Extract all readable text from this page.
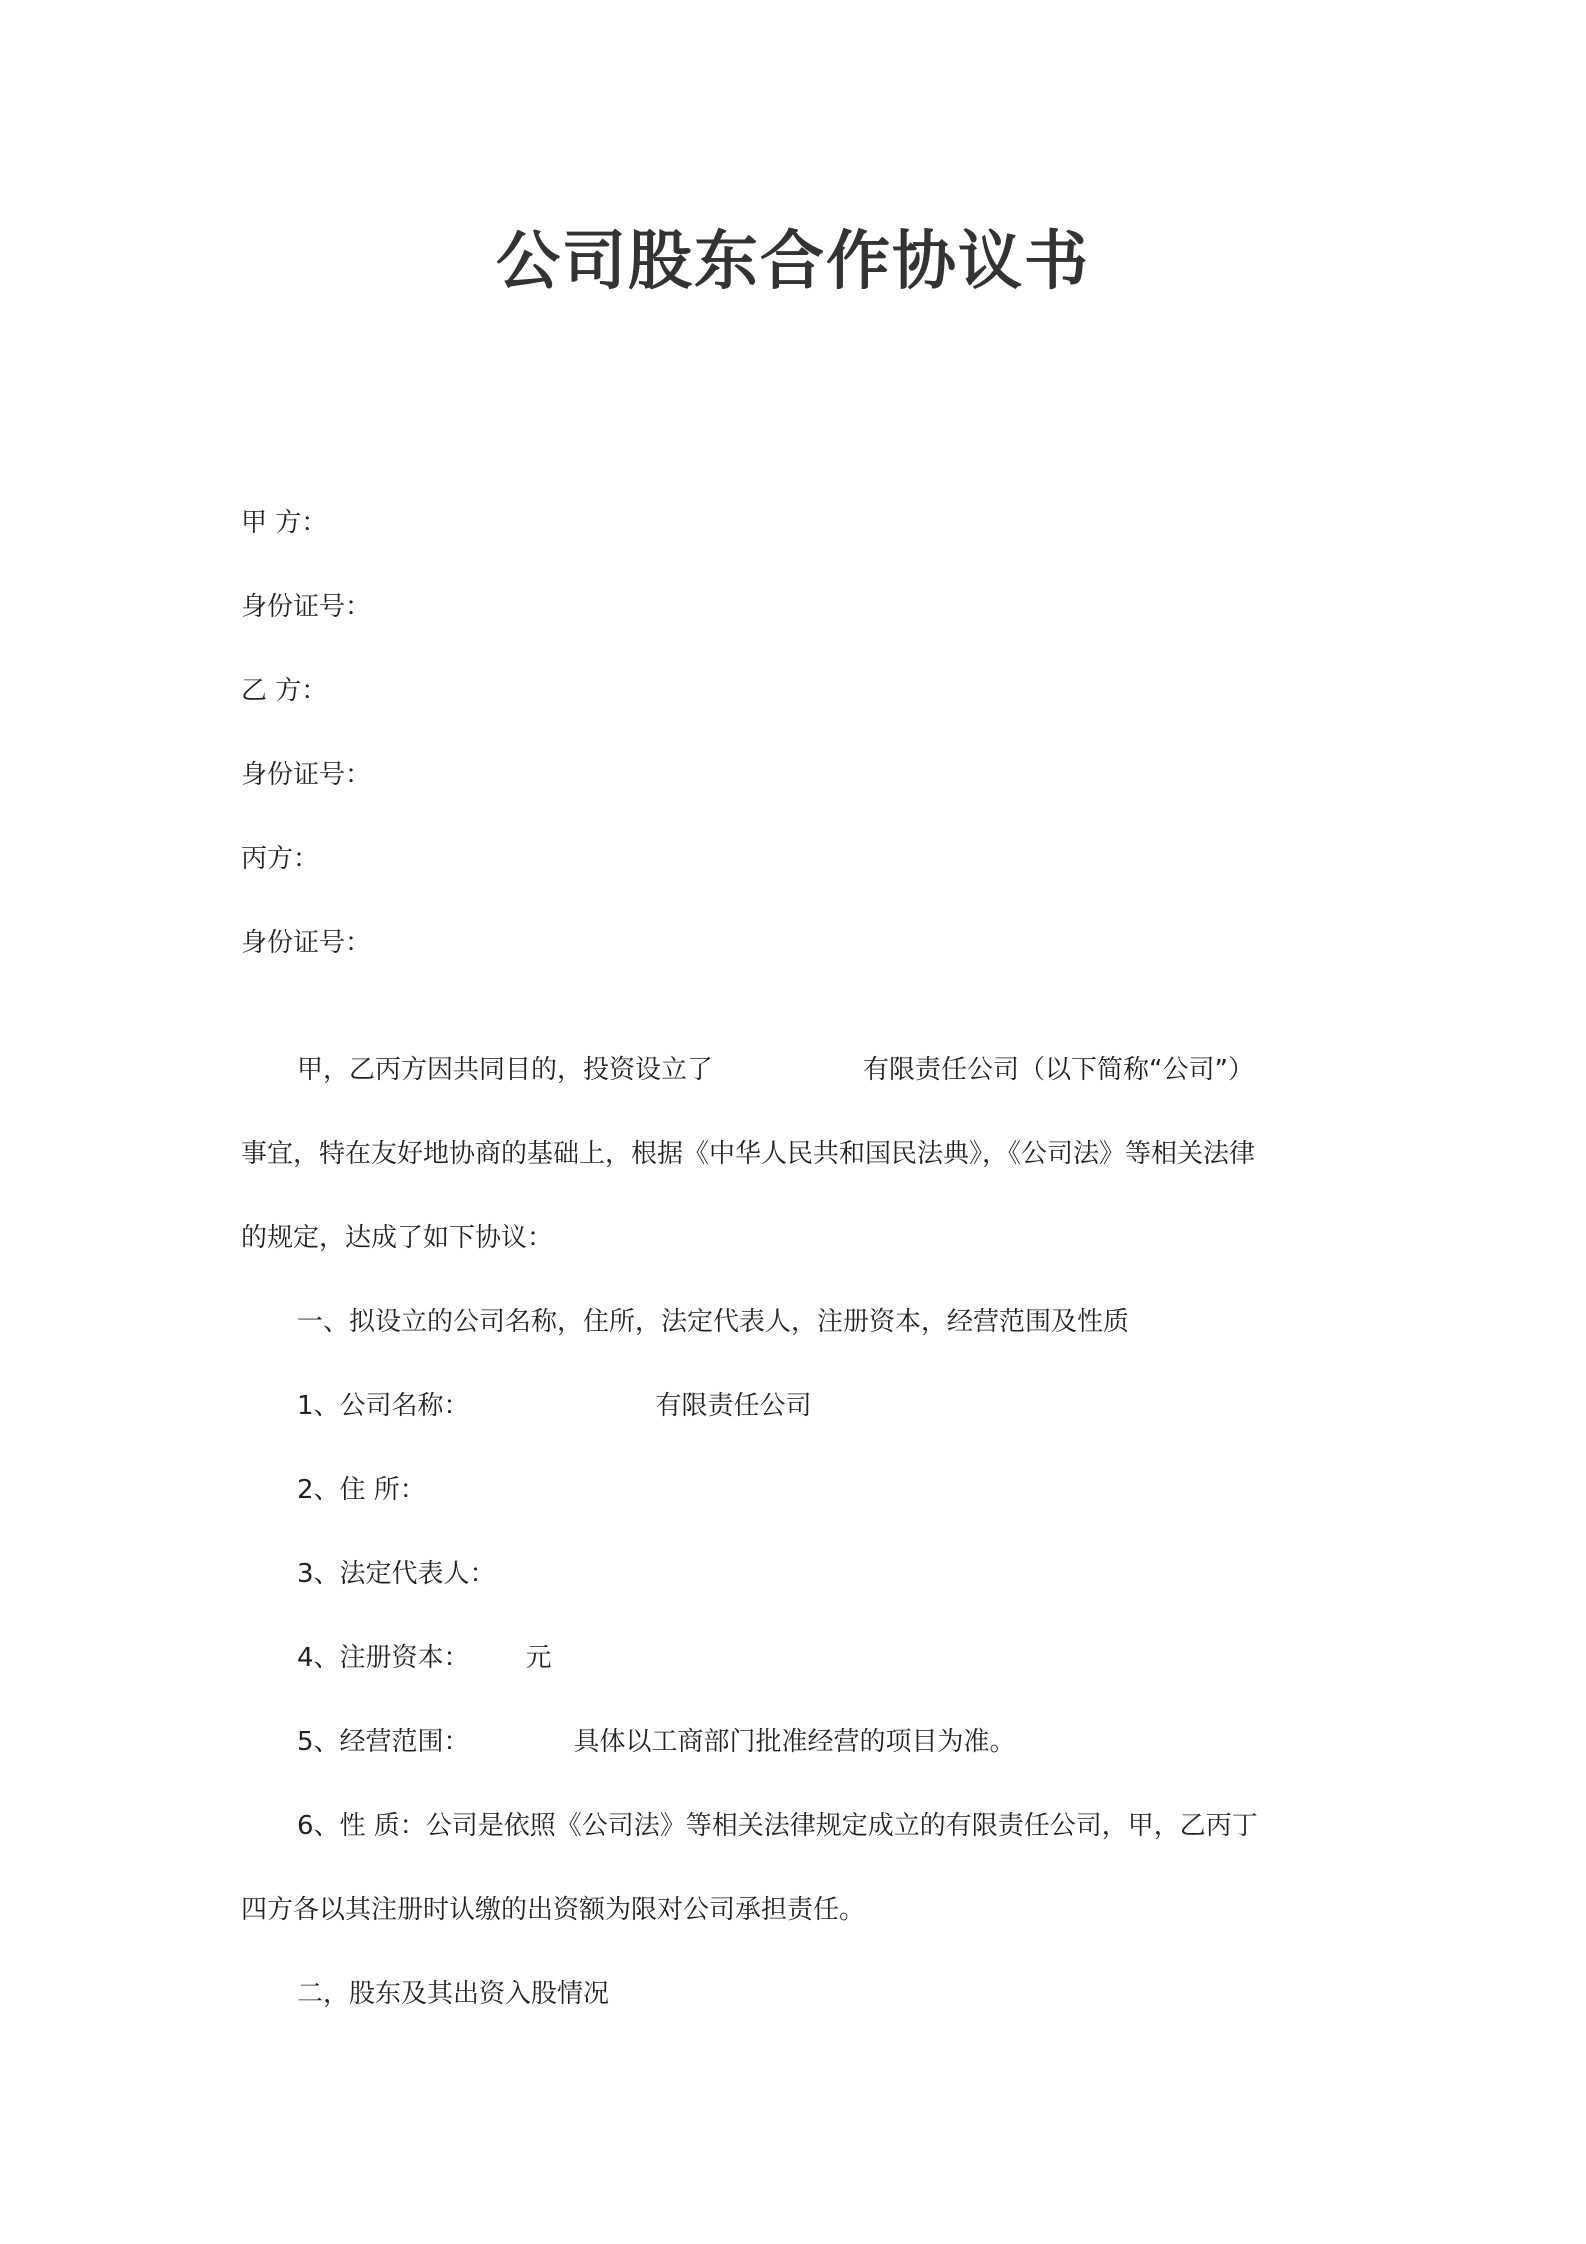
公司股东合作协议书
甲 方：
身份证号：
乙 方：
身份证号：
丙方：
身份证号：
甲，乙丙方因共同目的，投资设立了	有限责任公司（以下简称“公司”）
事宜，特在友好地协商的基础上，根据《中华人民共和国民法典》，《公司法》等相关法律
的规定，达成了如下协议：
一、拟设立的公司名称，住所，法定代表人，注册资本，经营范围及性质
1、公司名称：	有限责任公司
2、住 所：
3、法定代表人：
4、注册资本： 元
5、经营范围：	具体以工商部门批准经营的项目为准。
6、性 质：公司是依照《公司法》等相关法律规定成立的有限责任公司，甲，乙丙丁
四方各以其注册时认缴的出资额为限对公司承担责任。
二，股东及其出资入股情况
